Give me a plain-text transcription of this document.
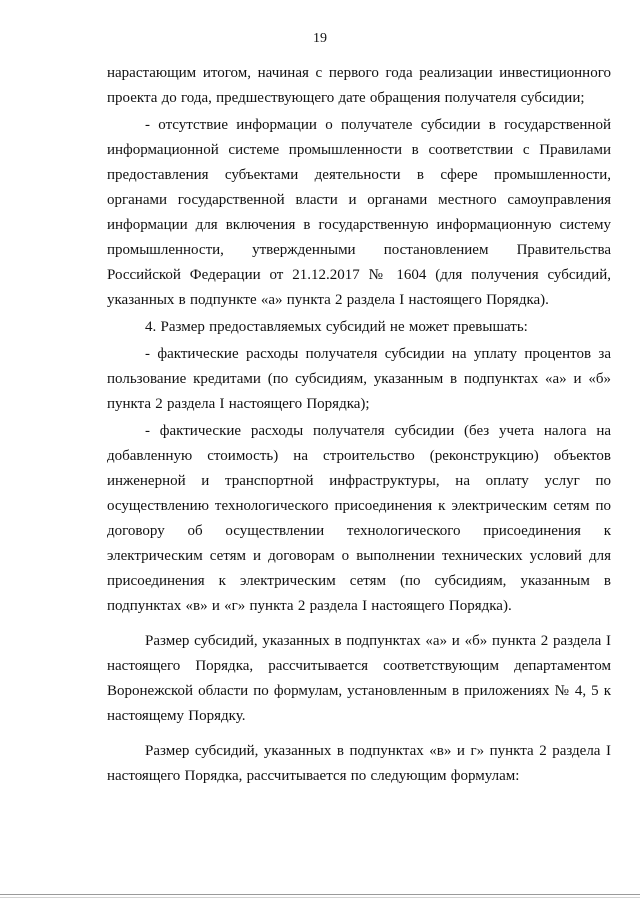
19

нарастающим итогом, начиная с первого года реализации инвестиционного проекта до года, предшествующего дате обращения получателя субсидии;

- отсутствие информации о получателе субсидии в государственной информационной системе промышленности в соответствии с Правилами предоставления субъектами деятельности в сфере промышленности, органами государственной власти и органами местного самоуправления информации для включения в государственную информационную систему промышленности, утвержденными постановлением Правительства Российской Федерации от 21.12.2017 № 1604 (для получения субсидий, указанных в подпункте «а» пункта 2 раздела I настоящего Порядка).

4. Размер предоставляемых субсидий не может превышать:

- фактические расходы получателя субсидии на уплату процентов за пользование кредитами (по субсидиям, указанным в подпунктах «а» и «б» пункта 2 раздела I настоящего Порядка);

- фактические расходы получателя субсидии (без учета налога на добавленную стоимость) на строительство (реконструкцию) объектов инженерной и транспортной инфраструктуры, на оплату услуг по осуществлению технологического присоединения к электрическим сетям по договору об осуществлении технологического присоединения к электрическим сетям и договорам о выполнении технических условий для присоединения к электрическим сетям (по субсидиям, указанным в подпунктах «в» и «г» пункта 2 раздела I настоящего Порядка).

Размер субсидий, указанных в подпунктах «а» и «б» пункта 2 раздела I настоящего Порядка, рассчитывается соответствующим департаментом Воронежской области по формулам, установленным в приложениях № 4, 5 к настоящему Порядку.

Размер субсидий, указанных в подпунктах «в» и г» пункта 2 раздела I настоящего Порядка, рассчитывается по следующим формулам:
